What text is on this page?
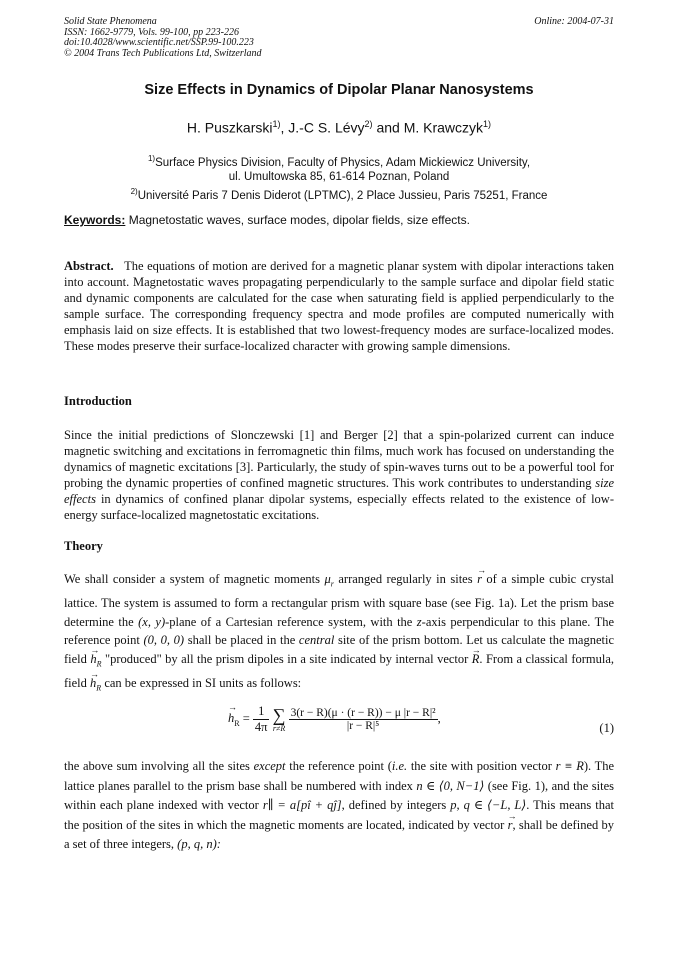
Solid State Phenomena
ISSN: 1662-9779, Vols. 99-100, pp 223-226
doi:10.4028/www.scientific.net/SSP.99-100.223
© 2004 Trans Tech Publications Ltd, Switzerland
Online: 2004-07-31
Size Effects in Dynamics of Dipolar Planar Nanosystems
H. Puszkarski$^{1)}$, J.-C S. Lévy$^{2)}$ and M. Krawczyk$^{1)}$
$^{1)}$Surface Physics Division, Faculty of Physics, Adam Mickiewicz University,
ul. Umultowska 85, 61-614 Poznan, Poland
$^{2)}$Université Paris 7 Denis Diderot (LPTMC), 2 Place Jussieu, Paris 75251, France
Keywords: Magnetostatic waves, surface modes, dipolar fields, size effects.
Abstract. The equations of motion are derived for a magnetic planar system with dipolar interactions taken into account. Magnetostatic waves propagating perpendicularly to the sample surface and dipolar field static and dynamic components are calculated for the case when saturating field is applied perpendicularly to the sample surface. The corresponding frequency spectra and mode profiles are computed numerically with emphasis laid on size effects. It is established that two lowest-frequency modes are surface-localized modes. These modes preserve their surface-localized character with growing sample dimensions.
Introduction
Since the initial predictions of Slonczewski [1] and Berger [2] that a spin-polarized current can induce magnetic switching and excitations in ferromagnetic thin films, much work has focused on understanding the dynamics of magnetic excitations [3]. Particularly, the study of spin-waves turns out to be a powerful tool for probing the dynamic properties of confined magnetic structures. This work contributes to understanding size effects in dynamics of confined planar dipolar systems, especially effects related to the existence of low-energy surface-localized magnetostatic excitations.
Theory
We shall consider a system of magnetic moments $\mu_r$ arranged regularly in sites → r of a simple cubic crystal lattice. The system is assumed to form a rectangular prism with square base (see Fig. 1a). Let the prism base determine the (x, y)-plane of a Cartesian reference system, with the z-axis perpendicular to this plane. The reference point (0, 0, 0) shall be placed in the central site of the prism bottom. Let us calculate the magnetic field → $h_R$ "produced" by all the prism dipoles in a site indicated by internal vector → R. From a classical formula, field → $h_R$ can be expressed in SI units as follows:
→ $h_R = \frac{1}{4\pi}$
∑
r≠R
$\frac{\text{3(r − R)(μ · (r − R)) − μ |r − R|²}}{\text{|r − R|⁵}}$ ,
(1)
the above sum involving all the sites except the reference point (i.e. the site with position vector r ≡ R). The lattice planes parallel to the prism base shall be numbered with index n ∈ ⟨0, N−1⟩ (see Fig. 1), and the sites within each plane indexed with vector r∥ = a[pî + qĵ], defined by integers p, q ∈ ⟨−L, L⟩. This means that the position of the sites in which the magnetic moments are located, indicated by vector → r, shall be defined by a set of three integers, (p, q, n):
